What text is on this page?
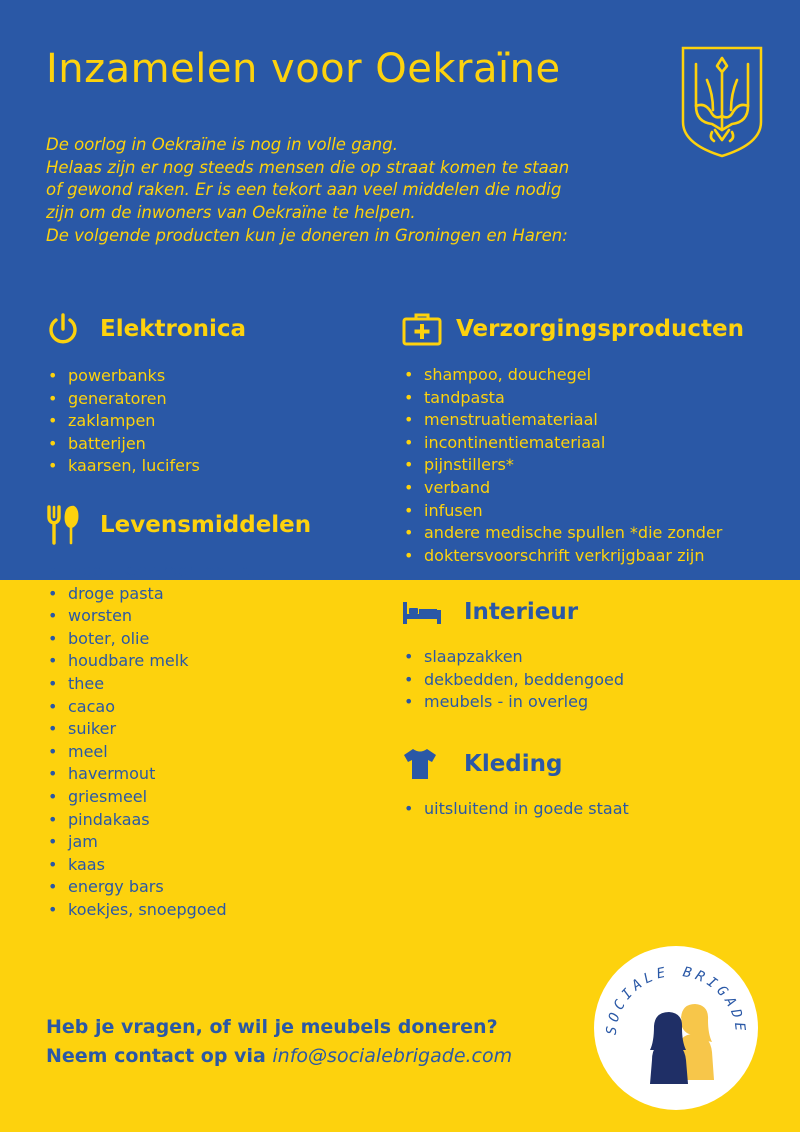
Inzamelen voor Oekraïne
De oorlog in Oekraïne is nog in volle gang.
Helaas zijn er nog steeds mensen die op straat komen te staan
of gewond raken. Er is een tekort aan veel middelen die nodig
zijn om de inwoners van Oekraïne te helpen.
De volgende producten kun je doneren in Groningen en Haren:
Elektronica
• powerbanks
• generatoren
• zaklampen
• batterijen
• kaarsen, lucifers
Levensmiddelen
• ingeblikte groenten, fruit
• droge pasta
• worsten
• boter, olie
• houdbare melk
• thee
• cacao
• suiker
• meel
• havermout
• griesmeel
• pindakaas
• jam
• kaas
• energy bars
• koekjes, snoepgoed
Verzorgingsproducten
• shampoo, douchegel
• tandpasta
• menstruatiemateriaal
• incontinentiemateriaal
• pijnstillers*
• verband
• infusen
• andere medische spullen *die zonder
• doktersvoorschrift verkrijgbaar zijn
Interieur
• slaapzakken
• dekbedden, beddengoed
• meubels - in overleg
Kleding
• uitsluitend in goede staat
Heb je vragen, of wil je meubels doneren?
Neem contact op via info@socialebrigade.com
SOCIALE BRIGADE
